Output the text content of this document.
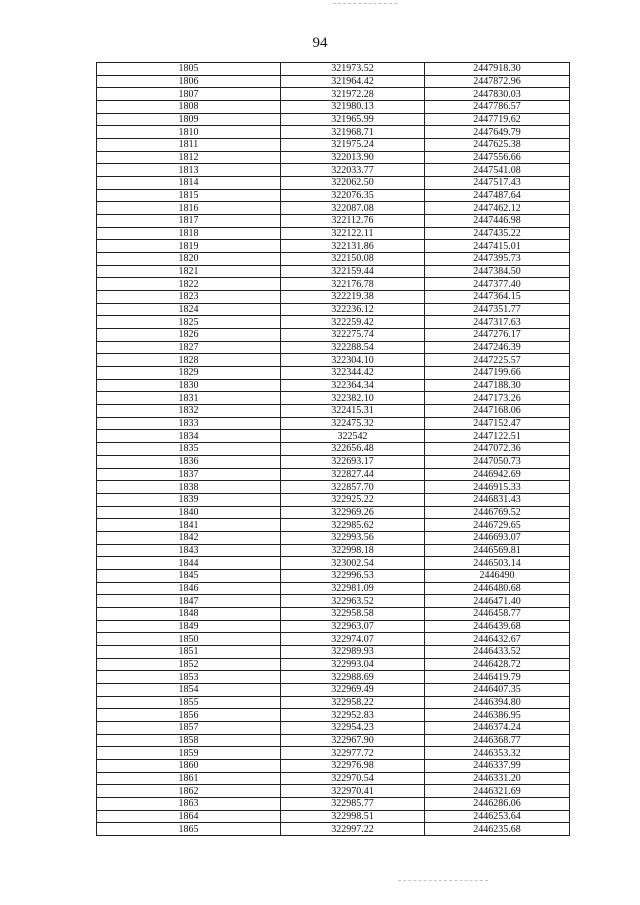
94
1805	321973.52	2447918.30
1806	321964.42	2447872.96
1807	321972.28	2447830.03
1808	321980.13	2447786.57
1809	321965.99	2447719.62
1810	321968.71	2447649.79
1811	321975.24	2447625.38
1812	322013.90	2447556.66
1813	322033.77	2447541.08
1814	322062.50	2447517.43
1815	322076.35	2447487.64
1816	322087.08	2447462.12
1817	322112.76	2447446.98
1818	322122.11	2447435.22
1819	322131.86	2447415.01
1820	322150.08	2447395.73
1821	322159.44	2447384.50
1822	322176.78	2447377.40
1823	322219.38	2447364.15
1824	322236.12	2447351.77
1825	322259.42	2447317.63
1826	322275.74	2447276.17
1827	322288.54	2447246.39
1828	322304.10	2447225.57
1829	322344.42	2447199.66
1830	322364.34	2447188.30
1831	322382.10	2447173.26
1832	322415.31	2447168.06
1833	322475.32	2447152.47
1834	322542	2447122.51
1835	322656.48	2447072.36
1836	322693.17	2447050.73
1837	322827.44	2446942.69
1838	322857.70	2446915.33
1839	322925.22	2446831.43
1840	322969.26	2446769.52
1841	322985.62	2446729.65
1842	322993.56	2446693.07
1843	322998.18	2446569.81
1844	323002.54	2446503.14
1845	322996.53	2446490
1846	322981.09	2446480.68
1847	322963.52	2446471.40
1848	322958.58	2446458.77
1849	322963.07	2446439.68
1850	322974.07	2446432.67
1851	322989.93	2446433.52
1852	322993.04	2446428.72
1853	322988.69	2446419.79
1854	322969.49	2446407.35
1855	322958.22	2446394.80
1856	322952.83	2446386.95
1857	322954.23	2446374.24
1858	322967.90	2446368.77
1859	322977.72	2446353.32
1860	322976.98	2446337.99
1861	322970.54	2446331.20
1862	322970.41	2446321.69
1863	322985.77	2446286.06
1864	322998.51	2446253.64
1865	322997.22	2446235.68
